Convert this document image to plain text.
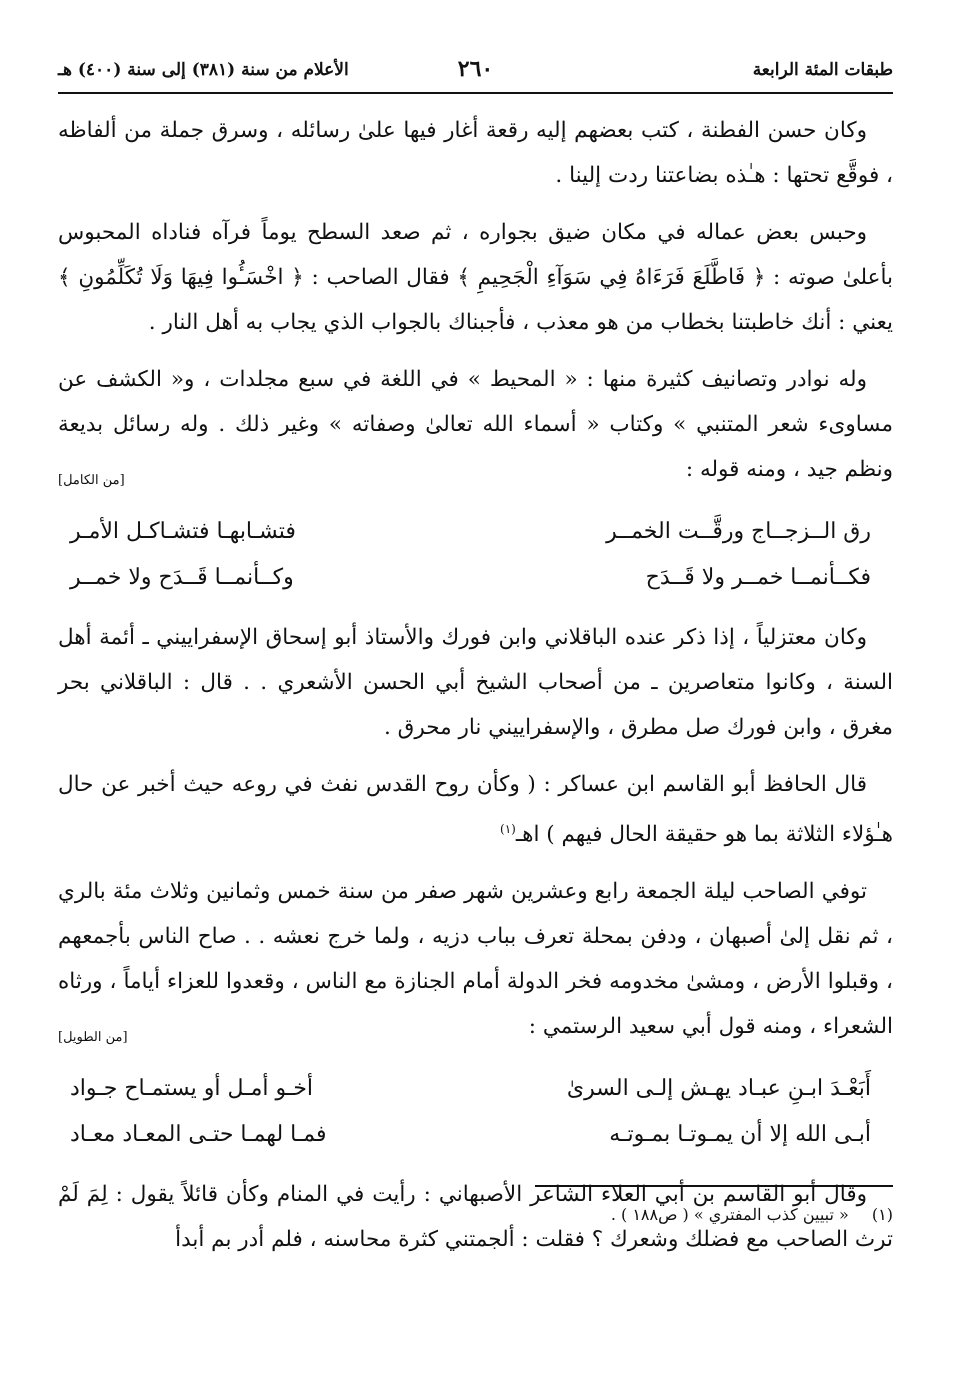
طبقات المئة الرابعة
٢٦٠
الأعلام من سنة (٣٨١) إلى سنة (٤٠٠) هـ

وكان حسن الفطنة ، كتب بعضهم إليه رقعة أغار فيها علىٰ رسائله ، وسرق جملة من ألفاظه ، فوقَّع تحتها : هـٰذه بضاعتنا ردت إلينا .

وحبس بعض عماله في مكان ضيق بجواره ، ثم صعد السطح يوماً فرآه فناداه المحبوس بأعلىٰ صوته : ﴿ فَاطَّلَعَ فَرَءَاهُ فِي سَوَآءِ الْجَحِيمِ ﴾ فقال الصاحب : ﴿ اخْسَـُٔوا فِيهَا وَلَا تُكَلِّمُونِ ﴾ يعني : أنك خاطبتنا بخطاب من هو معذب ، فأجبناك بالجواب الذي يجاب به أهل النار .

وله نوادر وتصانيف كثيرة منها : « المحيط » في اللغة في سبع مجلدات ، و« الكشف عن مساوىء شعر المتنبي » وكتاب « أسماء الله تعالىٰ وصفاته » وغير ذلك . وله رسائل بديعة ونظم جيد ، ومنه قوله :

[من الكامل]
رق الــزجــاج ورقَّــت الخمــر
فتشـابهـا فتشـاكـل الأمـر
فكــأنمــا خمــر ولا قَــدَح
وكــأنمــا قَــدَح ولا خمــر

وكان معتزلياً ، إذا ذكر عنده الباقلاني وابن فورك والأستاذ أبو إسحاق الإسفراييني ـ أئمة أهل السنة ، وكانوا متعاصرين ـ من أصحاب الشيخ أبي الحسن الأشعري . . قال : الباقلاني بحر مغرق ، وابن فورك صل مطرق ، والإسفراييني نار محرق .

قال الحافظ أبو القاسم ابن عساكر : ( وكأن روح القدس نفث في روعه حيث أخبر عن حال هـٰؤلاء الثلاثة بما هو حقيقة الحال فيهم ) اهـ$^{(١)}$

توفي الصاحب ليلة الجمعة رابع وعشرين شهر صفر من سنة خمس وثمانين وثلاث مئة بالري ، ثم نقل إلىٰ أصبهان ، ودفن بمحلة تعرف بباب دزيه ، ولما خرج نعشه . . صاح الناس بأجمعهم ، وقبلوا الأرض ، ومشىٰ مخدومه فخر الدولة أمام الجنازة مع الناس ، وقعدوا للعزاء أياماً ، ورثاه الشعراء ، ومنه قول أبي سعيد الرستمي :

[من الطويل]
أَبَعْـدَ ابـنِ عبـاد يهـش إلـى السرىٰ
أخـو أمـل أو يستمـاح جـواد
أبـى الله إلا أن يمـوتـا بمـوتـه
فمـا لهمـا حتـى المعـاد معـاد

وقال أبو القاسم بن أبي العلاء الشاعر الأصبهاني : رأيت في المنام وكأن قائلاً يقول : لِمَ لَمْ ترث الصاحب مع فضلك وشعرك ؟ فقلت : ألجمتني كثرة محاسنه ، فلم أدر بم أبدأ

(١) « تبيين كذب المفتري » ( ص١٨٨ ) .
